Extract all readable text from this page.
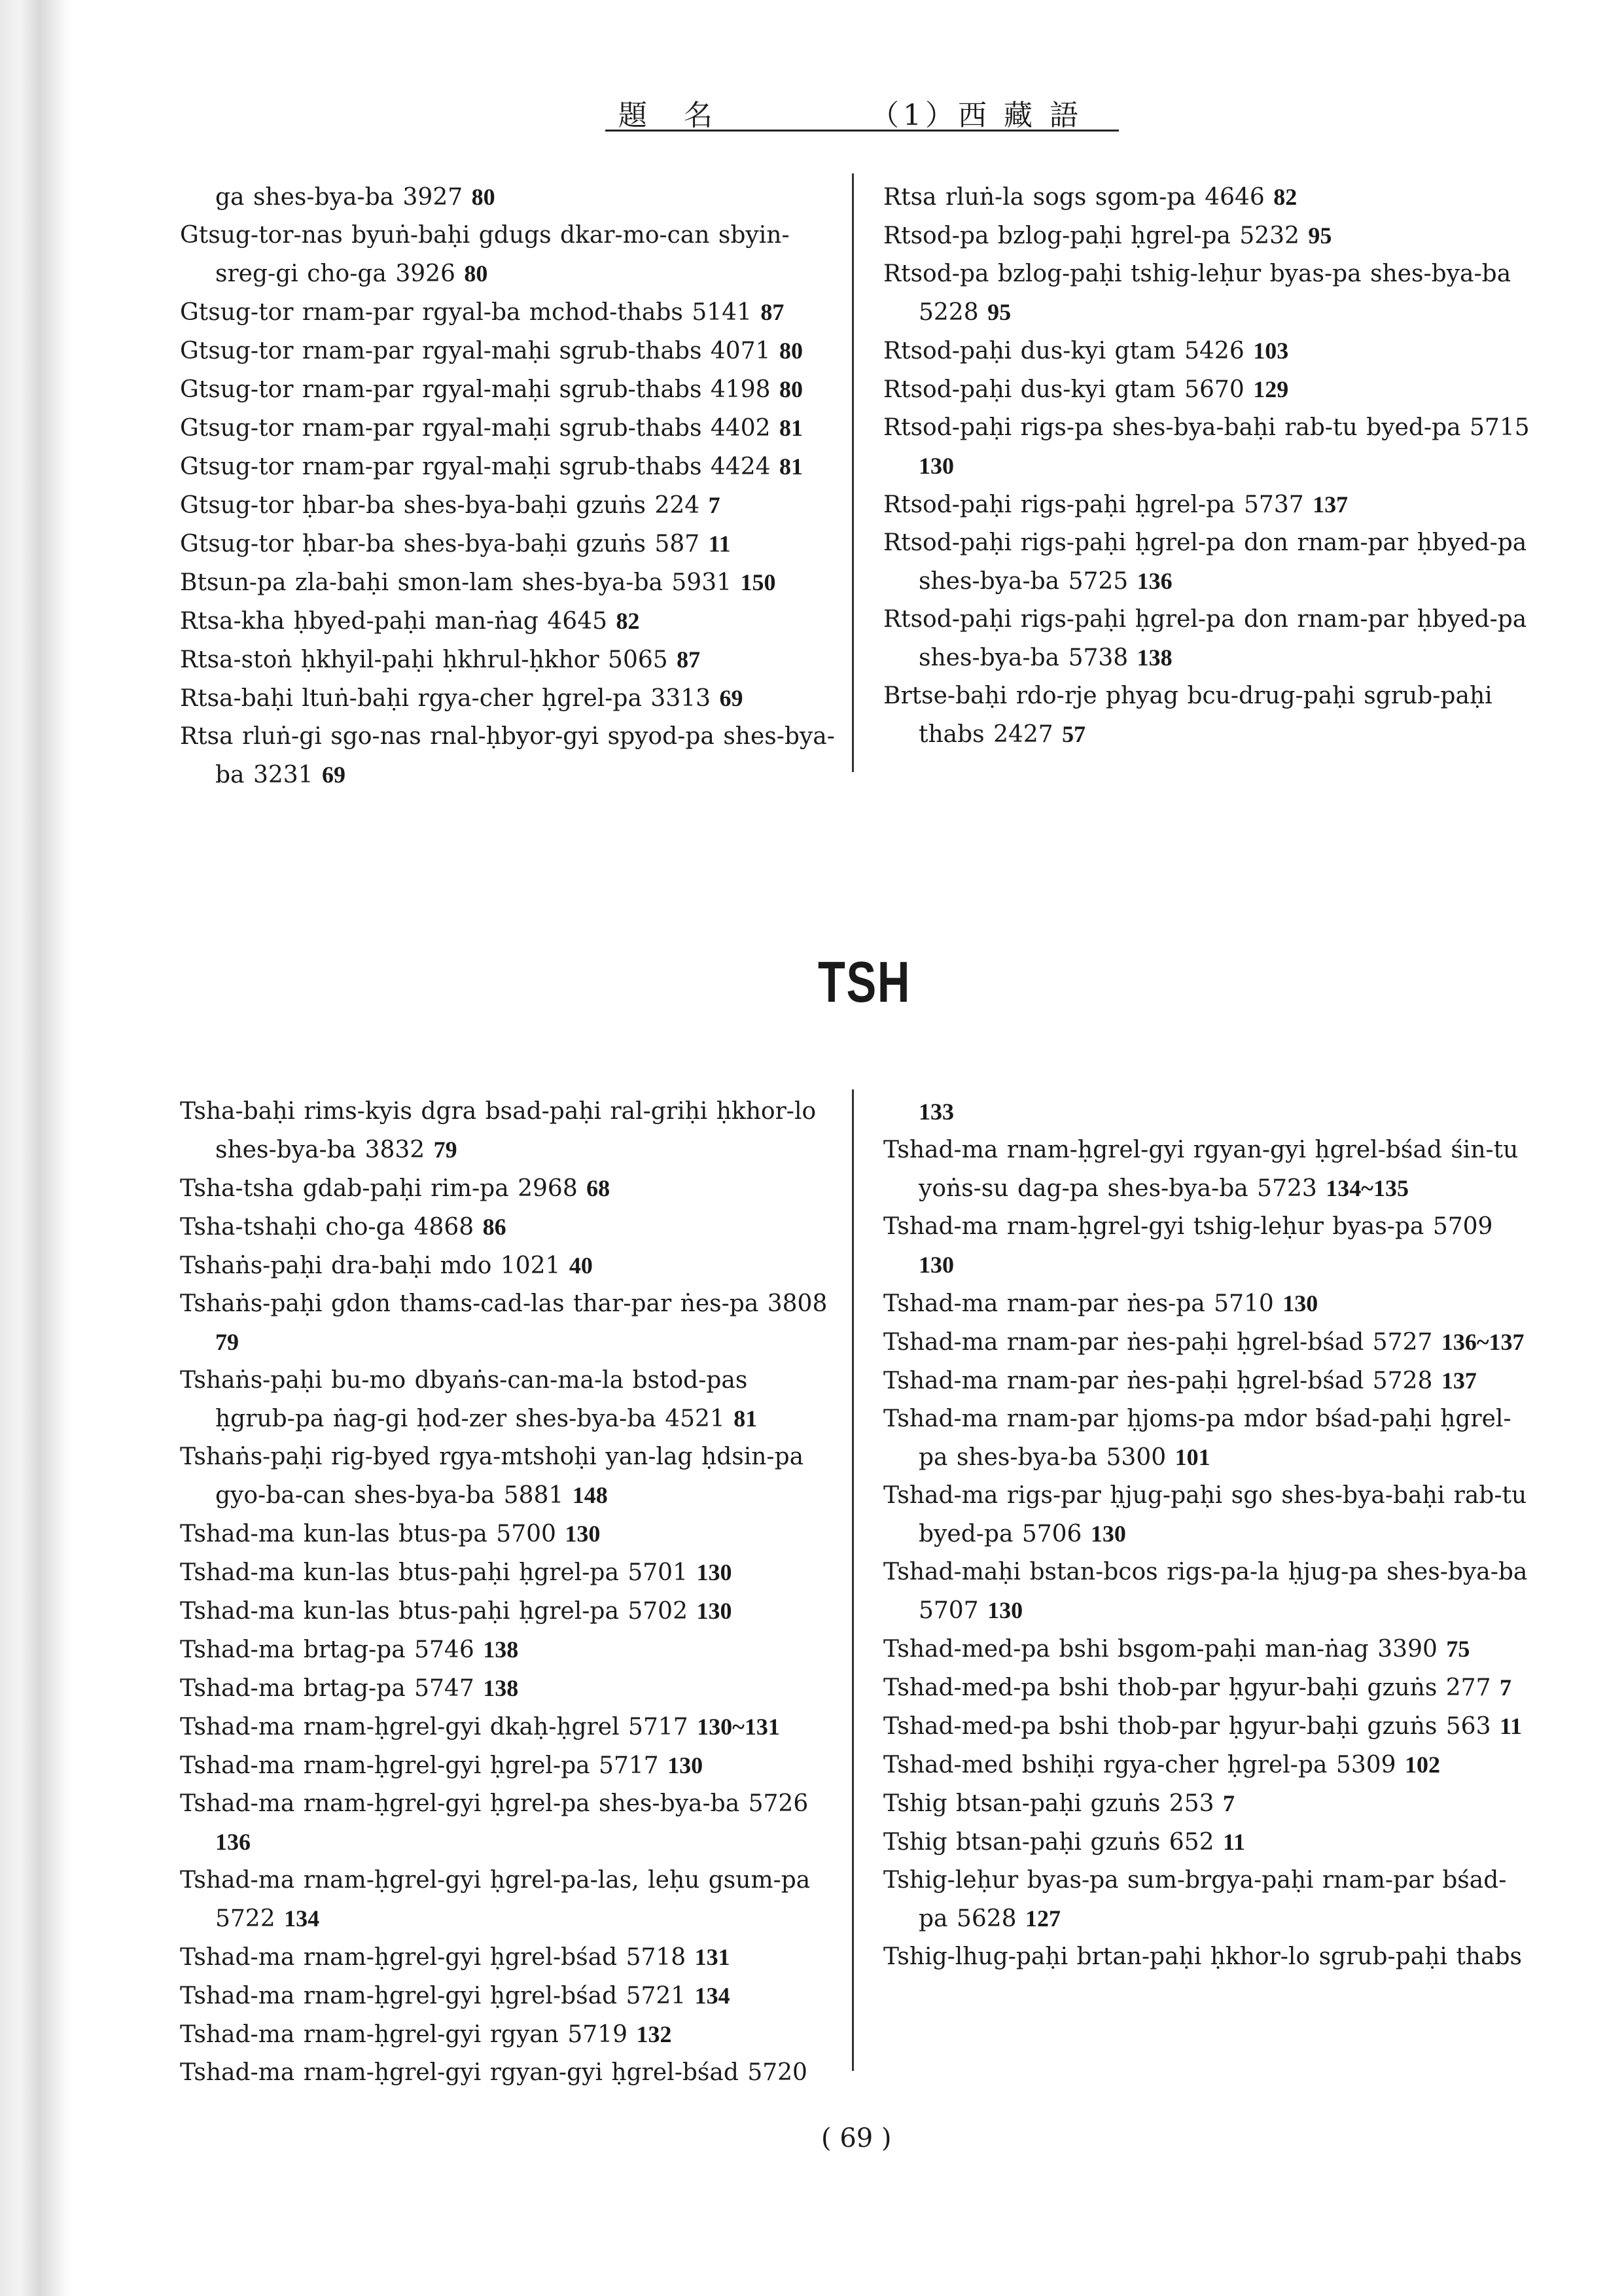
題　名	（1）西 藏 語
ga shes-bya-ba 3927 80
Gtsug-tor-nas byuṅ-baḥi gdugs dkar-mo-can sbyin-sreg-gi cho-ga 3926 80
Gtsug-tor rnam-par rgyal-ba mchod-thabs 5141 87
Gtsug-tor rnam-par rgyal-maḥi sgrub-thabs 4071 80
Gtsug-tor rnam-par rgyal-maḥi sgrub-thabs 4198 80
Gtsug-tor rnam-par rgyal-maḥi sgrub-thabs 4402 81
Gtsug-tor rnam-par rgyal-maḥi sgrub-thabs 4424 81
Gtsug-tor ḥbar-ba shes-bya-baḥi gzuṅs 224 7
Gtsug-tor ḥbar-ba shes-bya-baḥi gzuṅs 587 11
Btsun-pa zla-baḥi smon-lam shes-bya-ba 5931 150
Rtsa-kha ḥbyed-paḥi man-ṅag 4645 82
Rtsa-stoṅ ḥkhyil-paḥi ḥkhrul-ḥkhor 5065 87
Rtsa-baḥi ltuṅ-baḥi rgya-cher ḥgrel-pa 3313 69
Rtsa rluṅ-gi sgo-nas rnal-ḥbyor-gyi spyod-pa shes-bya-ba 3231 69
Rtsa rluṅ-la sogs sgom-pa 4646 82
Rtsod-pa bzlog-paḥi ḥgrel-pa 5232 95
Rtsod-pa bzlog-paḥi tshig-leḥur byas-pa shes-bya-ba 5228 95
Rtsod-paḥi dus-kyi gtam 5426 103
Rtsod-paḥi dus-kyi gtam 5670 129
Rtsod-paḥi rigs-pa shes-bya-baḥi rab-tu byed-pa 5715 130
Rtsod-paḥi rigs-paḥi ḥgrel-pa 5737 137
Rtsod-paḥi rigs-paḥi ḥgrel-pa don rnam-par ḥbyed-pa shes-bya-ba 5725 136
Rtsod-paḥi rigs-paḥi ḥgrel-pa don rnam-par ḥbyed-pa shes-bya-ba 5738 138
Brtse-baḥi rdo-rje phyag bcu-drug-paḥi sgrub-paḥi thabs 2427 57
TSH
Tsha-baḥi rims-kyis dgra bsad-paḥi ral-griḥi ḥkhor-lo shes-bya-ba 3832 79
Tsha-tsha gdab-paḥi rim-pa 2968 68
Tsha-tshaḥi cho-ga 4868 86
Tshaṅs-paḥi dra-baḥi mdo 1021 40
Tshaṅs-paḥi gdon thams-cad-las thar-par ṅes-pa 3808 79
Tshaṅs-paḥi bu-mo dbyaṅs-can-ma-la bstod-pas ḥgrub-pa ṅag-gi ḥod-zer shes-bya-ba 4521 81
Tshaṅs-paḥi rig-byed rgya-mtshoḥi yan-lag ḥdsin-pa gyo-ba-can shes-bya-ba 5881 148
Tshad-ma kun-las btus-pa 5700 130
Tshad-ma kun-las btus-paḥi ḥgrel-pa 5701 130
Tshad-ma kun-las btus-paḥi ḥgrel-pa 5702 130
Tshad-ma brtag-pa 5746 138
Tshad-ma brtag-pa 5747 138
Tshad-ma rnam-ḥgrel-gyi dkaḥ-ḥgrel 5717 130~131
Tshad-ma rnam-ḥgrel-gyi ḥgrel-pa 5717 130
Tshad-ma rnam-ḥgrel-gyi ḥgrel-pa shes-bya-ba 5726 136
Tshad-ma rnam-ḥgrel-gyi ḥgrel-pa-las, leḥu gsum-pa 5722 134
Tshad-ma rnam-ḥgrel-gyi ḥgrel-bśad 5718 131
Tshad-ma rnam-ḥgrel-gyi ḥgrel-bśad 5721 134
Tshad-ma rnam-ḥgrel-gyi rgyan 5719 132
Tshad-ma rnam-ḥgrel-gyi rgyan-gyi ḥgrel-bśad 5720
133
Tshad-ma rnam-ḥgrel-gyi rgyan-gyi ḥgrel-bśad śin-tu yoṅs-su dag-pa shes-bya-ba 5723 134~135
Tshad-ma rnam-ḥgrel-gyi tshig-leḥur byas-pa 5709 130
Tshad-ma rnam-par ṅes-pa 5710 130
Tshad-ma rnam-par ṅes-paḥi ḥgrel-bśad 5727 136~137
Tshad-ma rnam-par ṅes-paḥi ḥgrel-bśad 5728 137
Tshad-ma rnam-par ḥjoms-pa mdor bśad-paḥi ḥgrel-pa shes-bya-ba 5300 101
Tshad-ma rigs-par ḥjug-paḥi sgo shes-bya-baḥi rab-tu byed-pa 5706 130
Tshad-maḥi bstan-bcos rigs-pa-la ḥjug-pa shes-bya-ba 5707 130
Tshad-med-pa bshi bsgom-paḥi man-ṅag 3390 75
Tshad-med-pa bshi thob-par ḥgyur-baḥi gzuṅs 277 7
Tshad-med-pa bshi thob-par ḥgyur-baḥi gzuṅs 563 11
Tshad-med bshiḥi rgya-cher ḥgrel-pa 5309 102
Tshig btsan-paḥi gzuṅs 253 7
Tshig btsan-paḥi gzuṅs 652 11
Tshig-leḥur byas-pa sum-brgya-paḥi rnam-par bśad-pa 5628 127
Tshig-lhug-paḥi brtan-paḥi ḥkhor-lo sgrub-paḥi thabs
( 69 )
